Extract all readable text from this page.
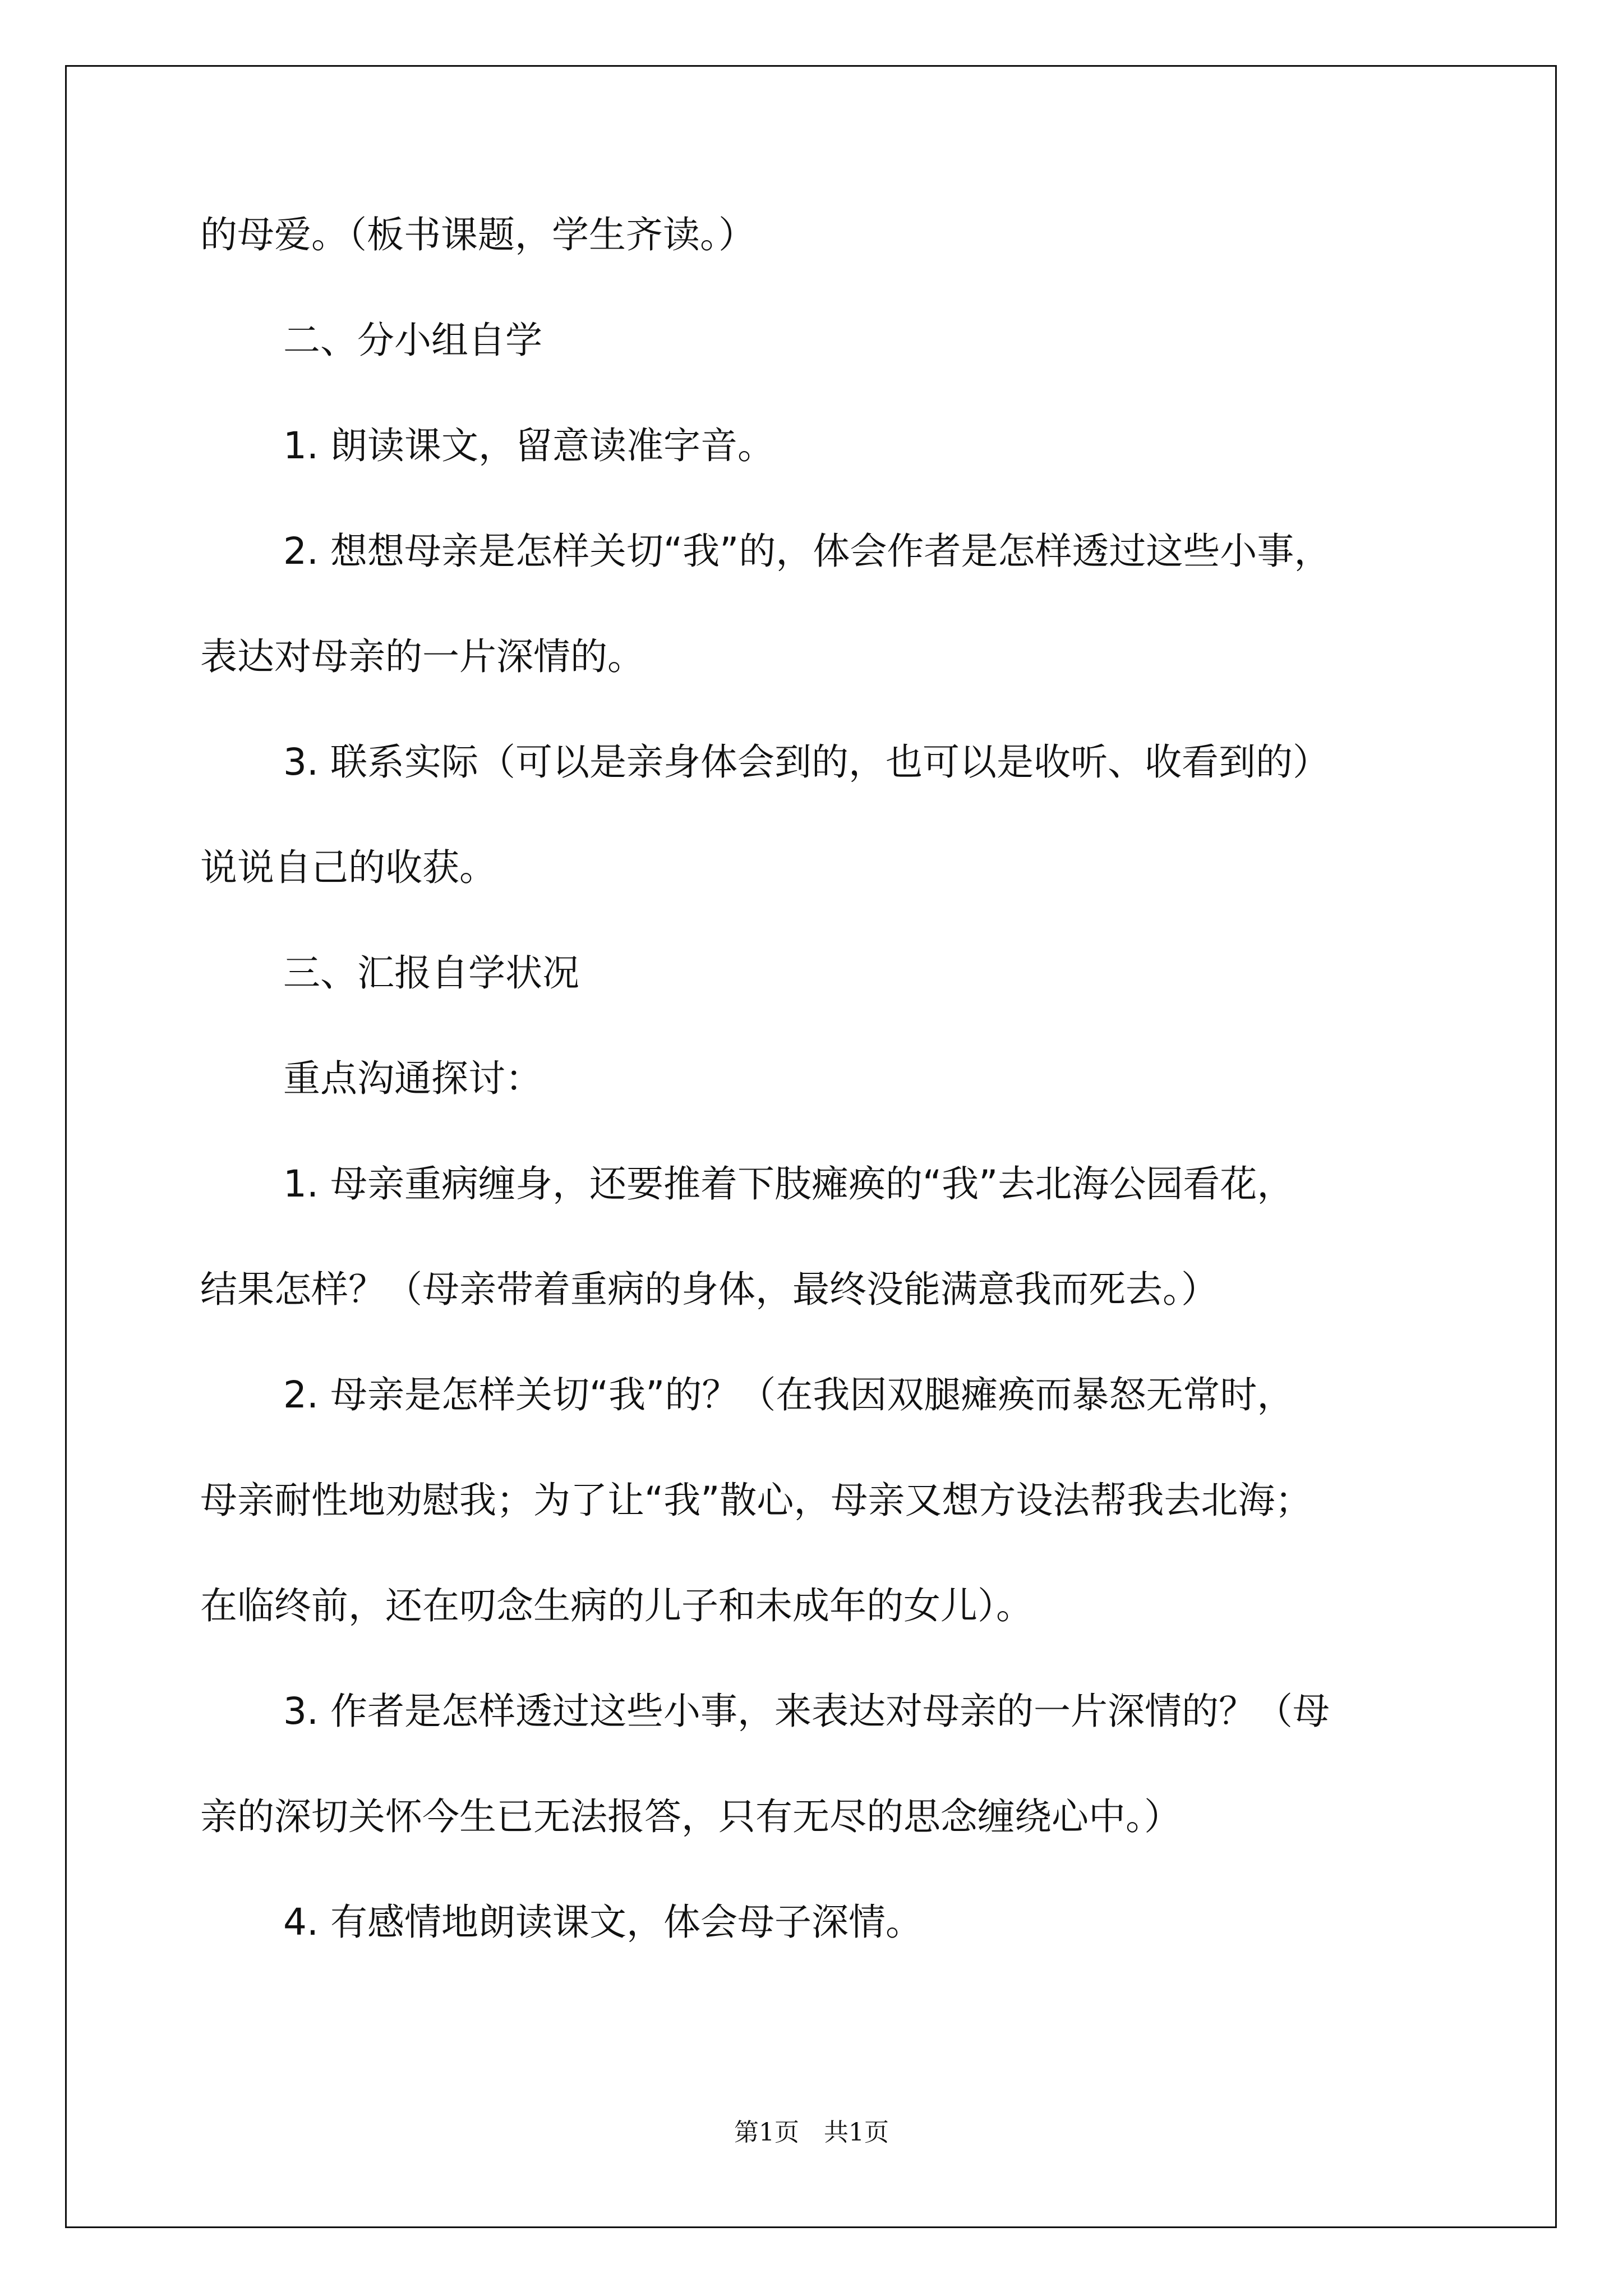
的母爱。（板书课题，学生齐读。）
二、分小组自学
1. 朗读课文，留意读准字音。
2. 想想母亲是怎样关切“我”的，体会作者是怎样透过这些小事，
表达对母亲的一片深情的。
3. 联系实际（可以是亲身体会到的，也可以是收听、收看到的）
说说自己的收获。
三、汇报自学状况
重点沟通探讨：
1. 母亲重病缠身，还要推着下肢瘫痪的“我”去北海公园看花，
结果怎样？（母亲带着重病的身体，最终没能满意我而死去。）
2. 母亲是怎样关切“我”的？（在我因双腿瘫痪而暴怒无常时，
母亲耐性地劝慰我；为了让“我”散心，母亲又想方设法帮我去北海；
在临终前，还在叨念生病的儿子和未成年的女儿）。
3. 作者是怎样透过这些小事，来表达对母亲的一片深情的？（母
亲的深切关怀今生已无法报答，只有无尽的思念缠绕心中。）
4. 有感情地朗读课文，体会母子深情。
第1页　共1页
